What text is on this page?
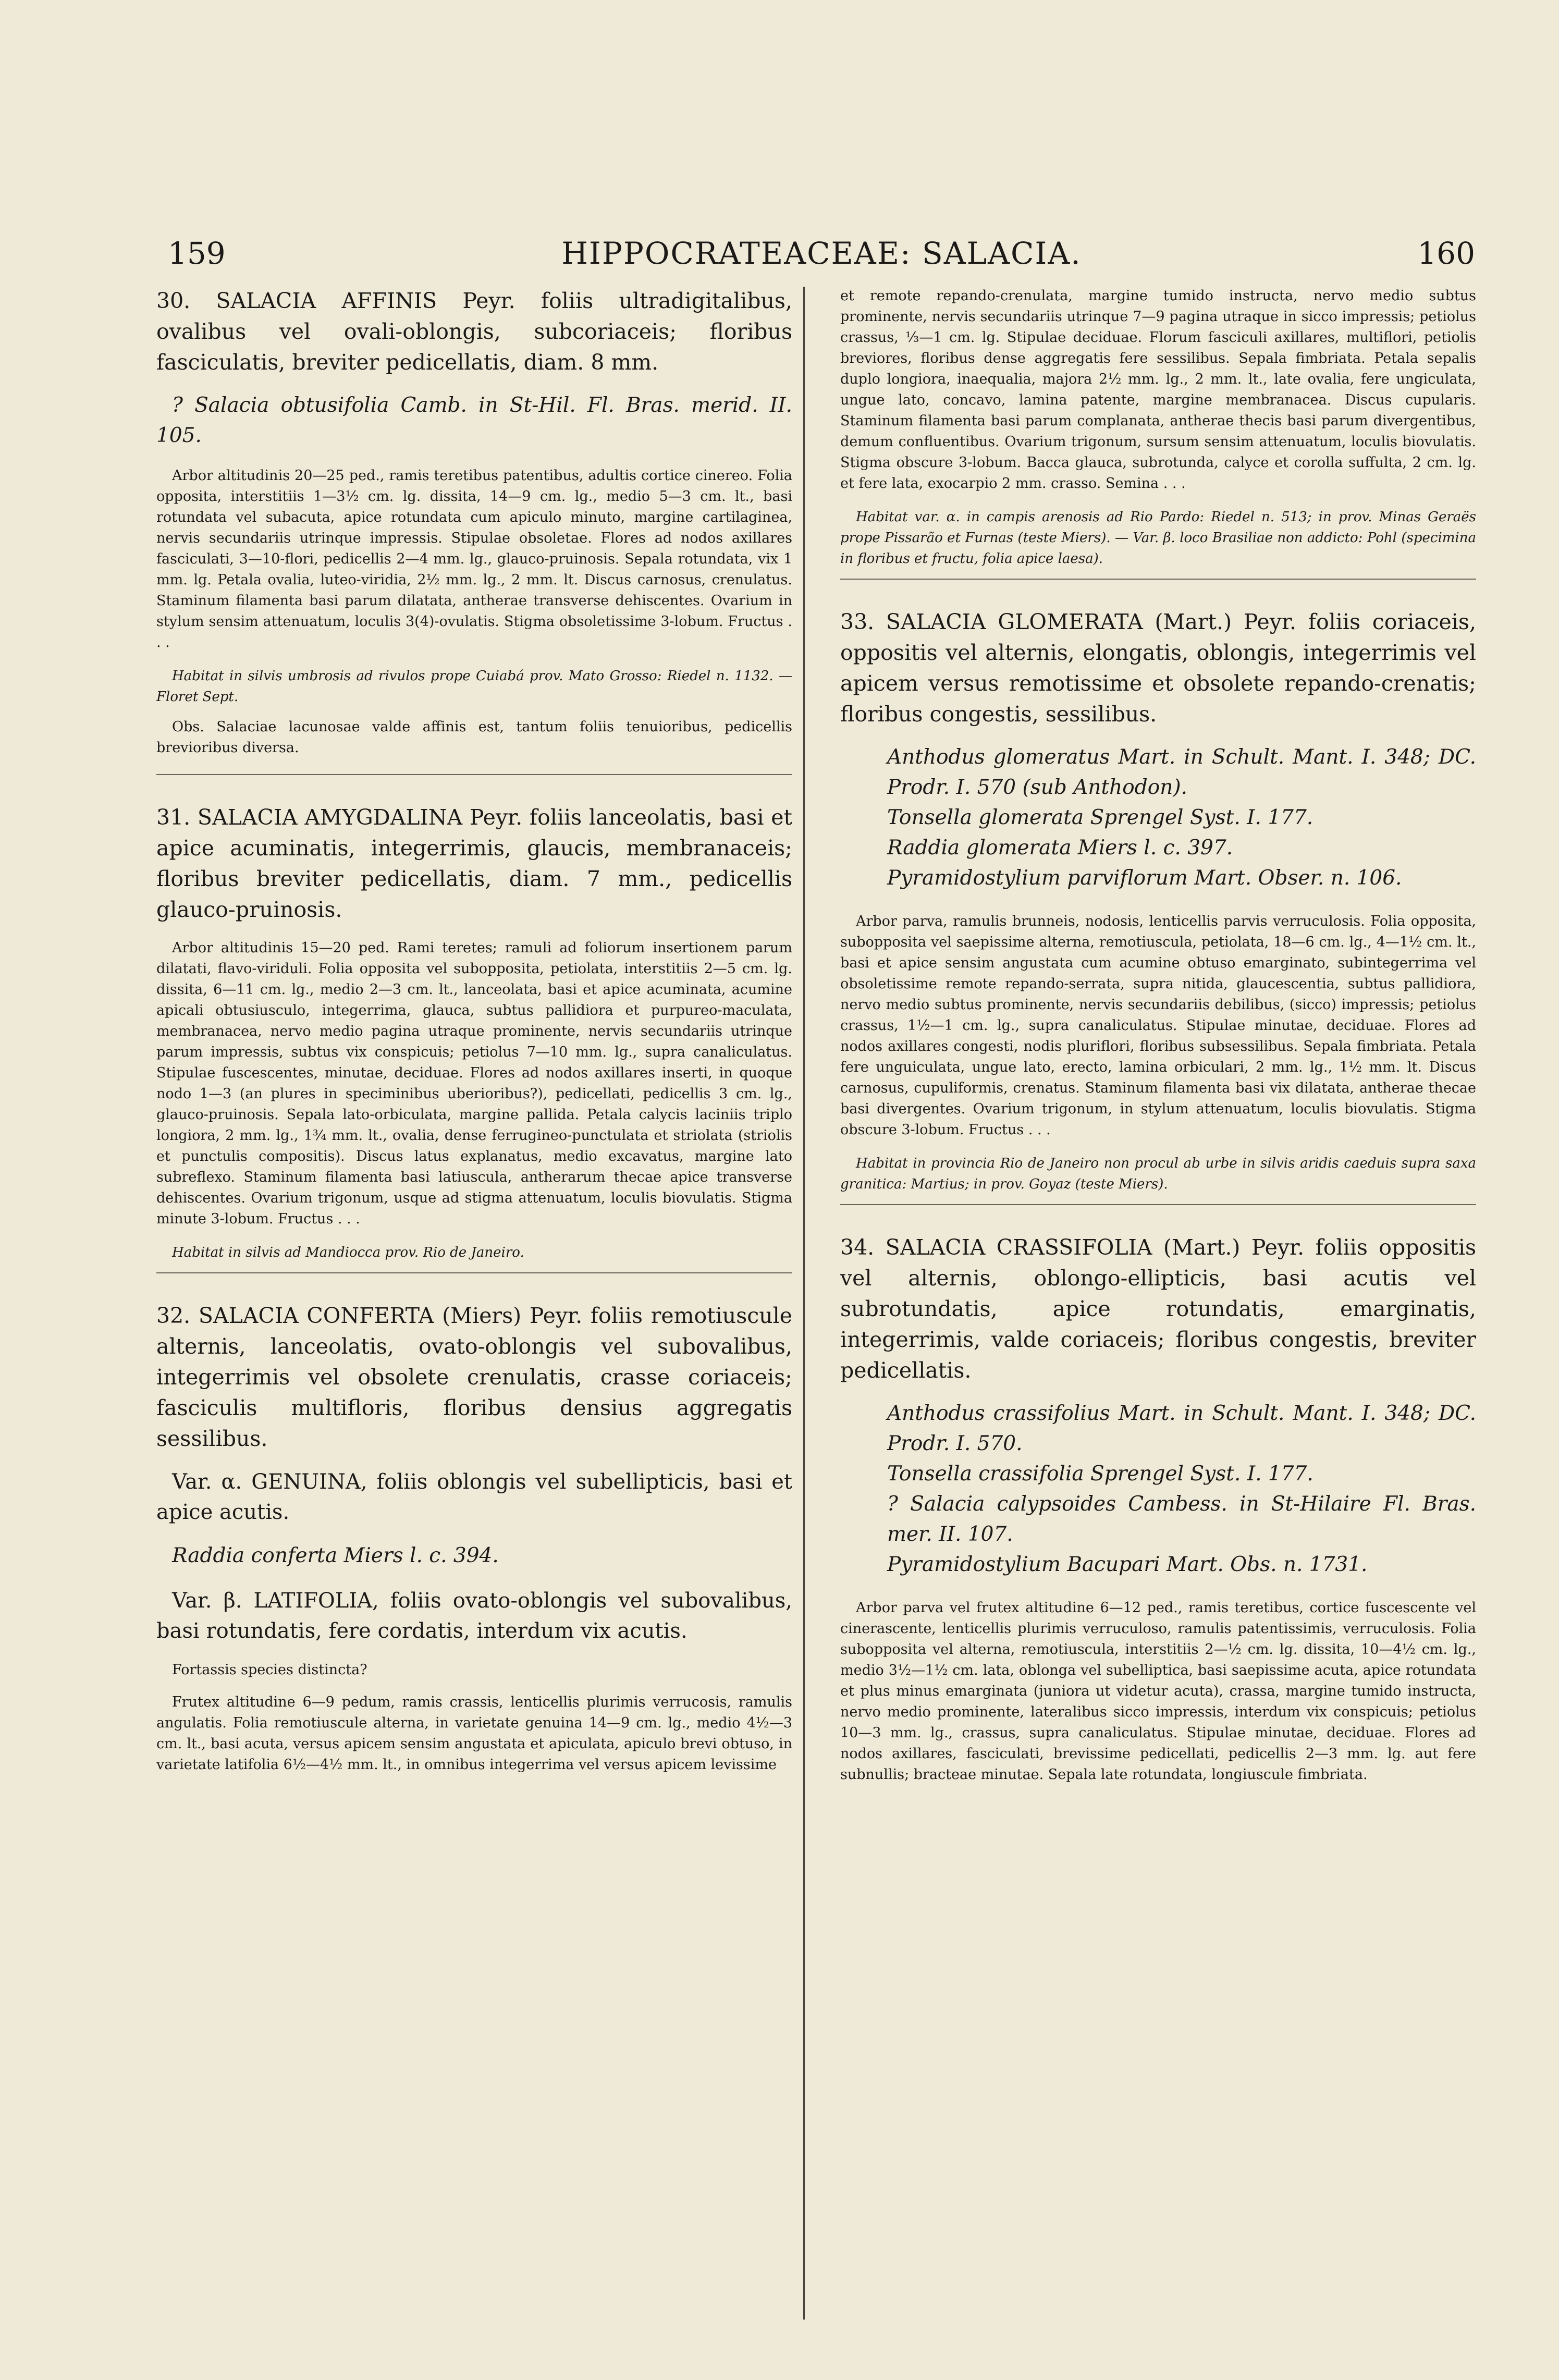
159	HIPPOCRATEACEAE: SALACIA.	160

30. SALACIA AFFINIS Peyr. foliis ultradigitalibus, ovalibus vel ovali-oblongis, subcoriaceis; floribus fasciculatis, breviter pedicellatis, diam. 8 mm.

? Salacia obtusifolia Camb. in St-Hil. Fl. Bras. merid. II. 105.

Arbor altitudinis 20—25 ped., ramis teretibus patentibus, adultis cortice cinereo. Folia opposita, interstitiis 1—3½ cm. lg. dissita, 14—9 cm. lg., medio 5—3 cm. lt., basi rotundata vel subacuta, apice rotundata cum apiculo minuto, margine cartilaginea, nervis secundariis utrinque impressis. Stipulae obsoletae. Flores ad nodos axillares fasciculati, 3—10-flori, pedicellis 2—4 mm. lg., glauco-pruinosis. Sepala rotundata, vix 1 mm. lg. Petala ovalia, luteo-viridia, 2½ mm. lg., 2 mm. lt. Discus carnosus, crenulatus. Staminum filamenta basi parum dilatata, antherae transverse dehiscentes. Ovarium in stylum sensim attenuatum, loculis 3(4)-ovulatis. Stigma obsoletissime 3-lobum. Fructus . . .

Habitat in silvis umbrosis ad rivulos prope Cuiabá prov. Mato Grosso: Riedel n. 1132. — Floret Sept.

Obs. Salaciae lacunosae valde affinis est, tantum foliis tenuioribus, pedicellis brevioribus diversa.

31. SALACIA AMYGDALINA Peyr. foliis lanceolatis, basi et apice acuminatis, integerrimis, glaucis, membranaceis; floribus breviter pedicellatis, diam. 7 mm., pedicellis glauco-pruinosis.

Arbor altitudinis 15—20 ped. Rami teretes; ramuli ad foliorum insertionem parum dilatati, flavo-viriduli. Folia opposita vel subopposita, petiolata, interstitiis 2—5 cm. lg. dissita, 6—11 cm. lg., medio 2—3 cm. lt., lanceolata, basi et apice acuminata, acumine apicali obtusiusculo, integerrima, glauca, subtus pallidiora et purpureo-maculata, membranacea, nervo medio pagina utraque prominente, nervis secundariis utrinque parum impressis, subtus vix conspicuis; petiolus 7—10 mm. lg., supra canaliculatus. Stipulae fuscescentes, minutae, deciduae. Flores ad nodos axillares inserti, in quoque nodo 1—3 (an plures in speciminibus uberioribus?), pedicellati, pedicellis 3 cm. lg., glauco-pruinosis. Sepala lato-orbiculata, margine pallida. Petala calycis laciniis triplo longiora, 2 mm. lg., 1¾ mm. lt., ovalia, dense ferrugineo-punctulata et striolata (striolis et punctulis compositis). Discus latus explanatus, medio excavatus, margine lato subreflexo. Staminum filamenta basi latiuscula, antherarum thecae apice transverse dehiscentes. Ovarium trigonum, usque ad stigma attenuatum, loculis biovulatis. Stigma minute 3-lobum. Fructus . . .

Habitat in silvis ad Mandiocca prov. Rio de Janeiro.

32. SALACIA CONFERTA (Miers) Peyr. foliis remotiuscule alternis, lanceolatis, ovato-oblongis vel subovalibus, integerrimis vel obsolete crenulatis, crasse coriaceis; fasciculis multifloris, floribus densius aggregatis sessilibus.

Var. α. GENUINA, foliis oblongis vel subellipticis, basi et apice acutis.

Raddia conferta Miers l. c. 394.

Var. β. LATIFOLIA, foliis ovato-oblongis vel subovalibus, basi rotundatis, fere cordatis, interdum vix acutis.

Fortassis species distincta?

Frutex altitudine 6—9 pedum, ramis crassis, lenticellis plurimis verrucosis, ramulis angulatis. Folia remotiuscule alterna, in varietate genuina 14—9 cm. lg., medio 4½—3 cm. lt., basi acuta, versus apicem sensim angustata et apiculata, apiculo brevi obtuso, in varietate latifolia 6½—4½ mm. lt., in omnibus integerrima vel versus apicem levissime

et remote repando-crenulata, margine tumido instructa, nervo medio subtus prominente, nervis secundariis utrinque 7—9 pagina utraque in sicco impressis; petiolus crassus, ⅓—1 cm. lg. Stipulae deciduae. Florum fasciculi axillares, multiflori, petiolis breviores, floribus dense aggregatis fere sessilibus. Sepala fimbriata. Petala sepalis duplo longiora, inaequalia, majora 2½ mm. lg., 2 mm. lt., late ovalia, fere ungiculata, ungue lato, concavo, lamina patente, margine membranacea. Discus cupularis. Staminum filamenta basi parum complanata, antherae thecis basi parum divergentibus, demum confluentibus. Ovarium trigonum, sursum sensim attenuatum, loculis biovulatis. Stigma obscure 3-lobum. Bacca glauca, subrotunda, calyce et corolla suffulta, 2 cm. lg. et fere lata, exocarpio 2 mm. crasso. Semina . . .

Habitat var. α. in campis arenosis ad Rio Pardo: Riedel n. 513; in prov. Minas Geraës prope Pissarão et Furnas (teste Miers). — Var. β. loco Brasiliae non addicto: Pohl (specimina in floribus et fructu, folia apice laesa).

33. SALACIA GLOMERATA (Mart.) Peyr. foliis coriaceis, oppositis vel alternis, elongatis, oblongis, integerrimis vel apicem versus remotissime et obsolete repando-crenatis; floribus congestis, sessilibus.

Anthodus glomeratus Mart. in Schult. Mant. I. 348; DC. Prodr. I. 570 (sub Anthodon).

Tonsella glomerata Sprengel Syst. I. 177.

Raddia glomerata Miers l. c. 397.

Pyramidostylium parviflorum Mart. Obser. n. 106.

Arbor parva, ramulis brunneis, nodosis, lenticellis parvis verruculosis. Folia opposita, subopposita vel saepissime alterna, remotiuscula, petiolata, 18—6 cm. lg., 4—1½ cm. lt., basi et apice sensim angustata cum acumine obtuso emarginato, subintegerrima vel obsoletissime remote repando-serrata, supra nitida, glaucescentia, subtus pallidiora, nervo medio subtus prominente, nervis secundariis debilibus, (sicco) impressis; petiolus crassus, 1½—1 cm. lg., supra canaliculatus. Stipulae minutae, deciduae. Flores ad nodos axillares congesti, nodis pluriflori, floribus subsessilibus. Sepala fimbriata. Petala fere unguiculata, ungue lato, erecto, lamina orbiculari, 2 mm. lg., 1½ mm. lt. Discus carnosus, cupuliformis, crenatus. Staminum filamenta basi vix dilatata, antherae thecae basi divergentes. Ovarium trigonum, in stylum attenuatum, loculis biovulatis. Stigma obscure 3-lobum. Fructus . . .

Habitat in provincia Rio de Janeiro non procul ab urbe in silvis aridis caeduis supra saxa granitica: Martius; in prov. Goyaz (teste Miers).

34. SALACIA CRASSIFOLIA (Mart.) Peyr. foliis oppositis vel alternis, oblongo-ellipticis, basi acutis vel subrotundatis, apice rotundatis, emarginatis, integerrimis, valde coriaceis; floribus congestis, breviter pedicellatis.

Anthodus crassifolius Mart. in Schult. Mant. I. 348; DC. Prodr. I. 570.

Tonsella crassifolia Sprengel Syst. I. 177.

? Salacia calypsoides Cambess. in St-Hilaire Fl. Bras. mer. II. 107.

Pyramidostylium Bacupari Mart. Obs. n. 1731.

Arbor parva vel frutex altitudine 6—12 ped., ramis teretibus, cortice fuscescente vel cinerascente, lenticellis plurimis verruculoso, ramulis patentissimis, verruculosis. Folia subopposita vel alterna, remotiuscula, interstitiis 2—½ cm. lg. dissita, 10—4½ cm. lg., medio 3½—1½ cm. lata, oblonga vel subelliptica, basi saepissime acuta, apice rotundata et plus minus emarginata (juniora ut videtur acuta), crassa, margine tumido instructa, nervo medio prominente, lateralibus sicco impressis, interdum vix conspicuis; petiolus 10—3 mm. lg., crassus, supra canaliculatus. Stipulae minutae, deciduae. Flores ad nodos axillares, fasciculati, brevissime pedicellati, pedicellis 2—3 mm. lg. aut fere subnullis; bracteae minutae. Sepala late rotundata, longiuscule fimbriata.
